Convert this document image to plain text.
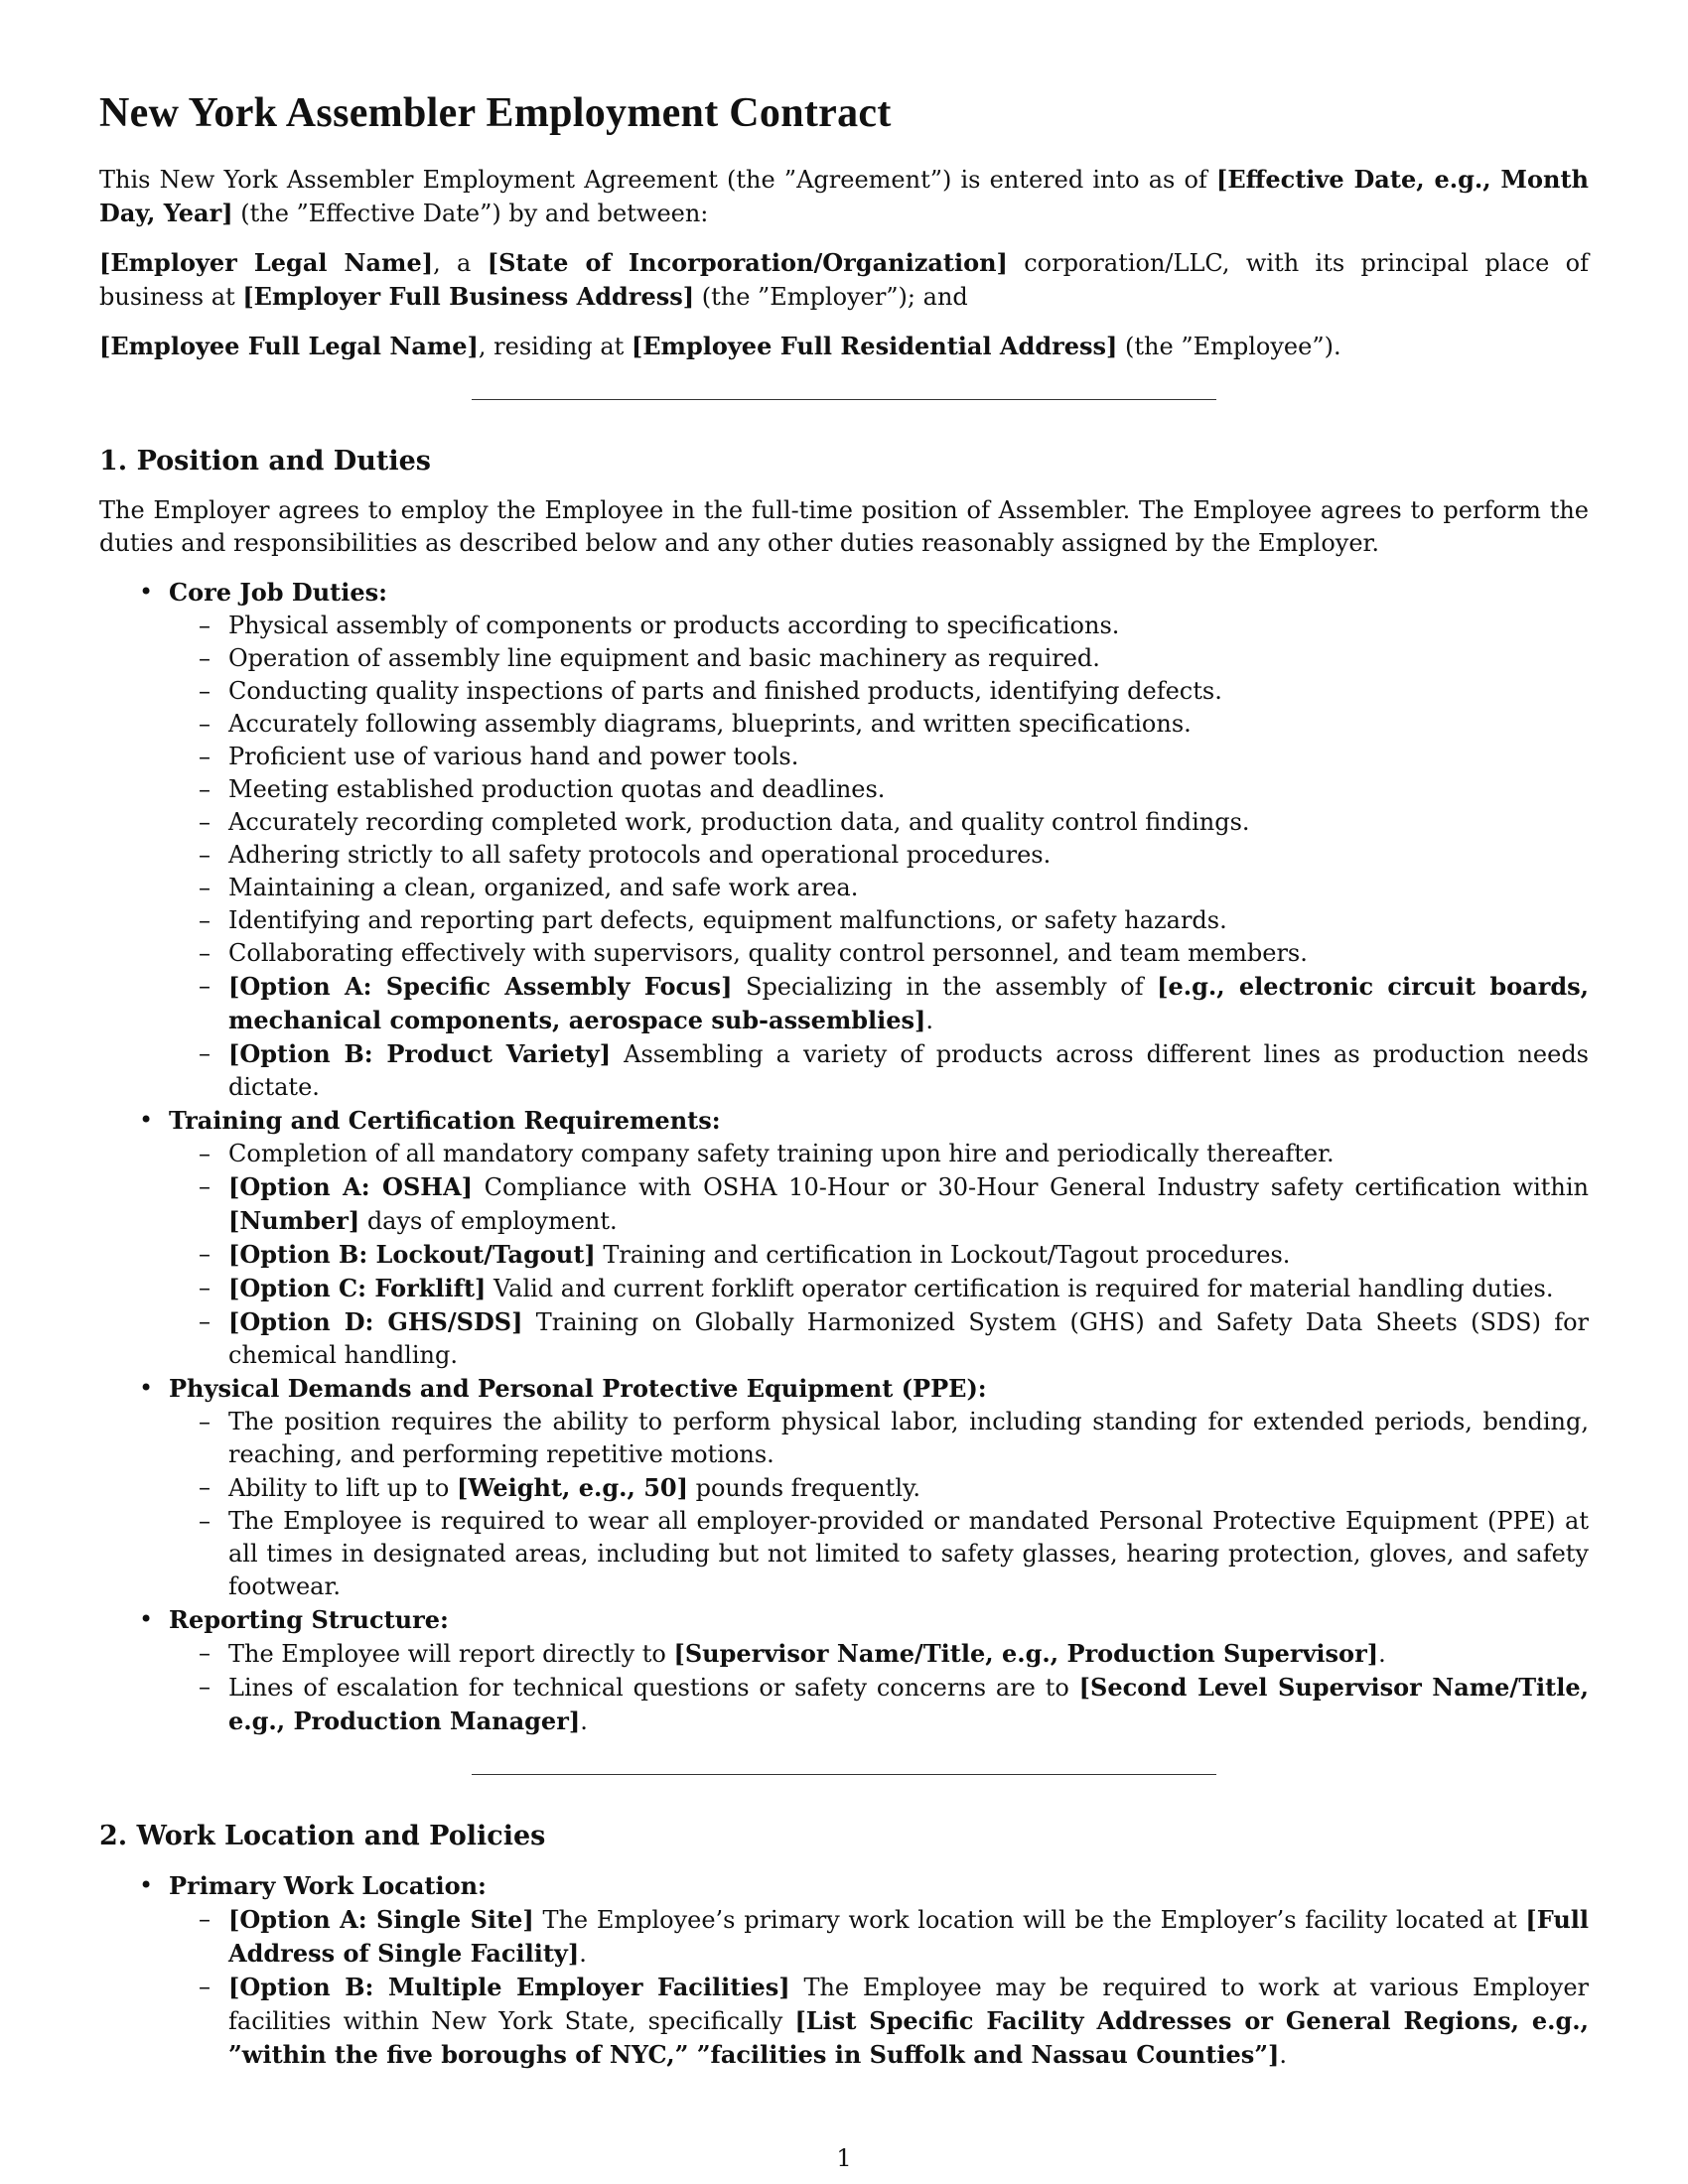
New York Assembler Employment Contract

This New York Assembler Employment Agreement (the ”Agreement”) is entered into as of [Effective Date, e.g., Month Day, Year] (the ”Effective Date”) by and between:

[Employer Legal Name], a [State of Incorporation/Organization] corporation/LLC, with its principal place of business at [Employer Full Business Address] (the ”Employer”); and

[Employee Full Legal Name], residing at [Employee Full Residential Address] (the ”Employee”).

1. Position and Duties

The Employer agrees to employ the Employee in the full-time position of Assembler. The Employee agrees to perform the duties and responsibilities as described below and any other duties reasonably assigned by the Employer.

• Core Job Duties:
– Physical assembly of components or products according to specifications.
– Operation of assembly line equipment and basic machinery as required.
– Conducting quality inspections of parts and finished products, identifying defects.
– Accurately following assembly diagrams, blueprints, and written specifications.
– Proficient use of various hand and power tools.
– Meeting established production quotas and deadlines.
– Accurately recording completed work, production data, and quality control findings.
– Adhering strictly to all safety protocols and operational procedures.
– Maintaining a clean, organized, and safe work area.
– Identifying and reporting part defects, equipment malfunctions, or safety hazards.
– Collaborating effectively with supervisors, quality control personnel, and team members.
– [Option A: Specific Assembly Focus] Specializing in the assembly of [e.g., electronic circuit boards, mechanical components, aerospace sub-assemblies].
– [Option B: Product Variety] Assembling a variety of products across different lines as production needs dictate.
• Training and Certification Requirements:
– Completion of all mandatory company safety training upon hire and periodically thereafter.
– [Option A: OSHA] Compliance with OSHA 10-Hour or 30-Hour General Industry safety certification within [Number] days of employment.
– [Option B: Lockout/Tagout] Training and certification in Lockout/Tagout procedures.
– [Option C: Forklift] Valid and current forklift operator certification is required for material handling duties.
– [Option D: GHS/SDS] Training on Globally Harmonized System (GHS) and Safety Data Sheets (SDS) for chemical handling.
• Physical Demands and Personal Protective Equipment (PPE):
– The position requires the ability to perform physical labor, including standing for extended periods, bending, reaching, and performing repetitive motions.
– Ability to lift up to [Weight, e.g., 50] pounds frequently.
– The Employee is required to wear all employer-provided or mandated Personal Protective Equipment (PPE) at all times in designated areas, including but not limited to safety glasses, hearing protection, gloves, and safety footwear.
• Reporting Structure:
– The Employee will report directly to [Supervisor Name/Title, e.g., Production Supervisor].
– Lines of escalation for technical questions or safety concerns are to [Second Level Supervisor Name/Title, e.g., Production Manager].
2. Work Location and Policies
• Primary Work Location:
– [Option A: Single Site] The Employee’s primary work location will be the Employer’s facility located at [Full Address of Single Facility].
– [Option B: Multiple Employer Facilities] The Employee may be required to work at various Employer facilities within New York State, specifically [List Specific Facility Addresses or General Regions, e.g., ”within the five boroughs of NYC,” ”facilities in Suffolk and Nassau Counties”].
1
